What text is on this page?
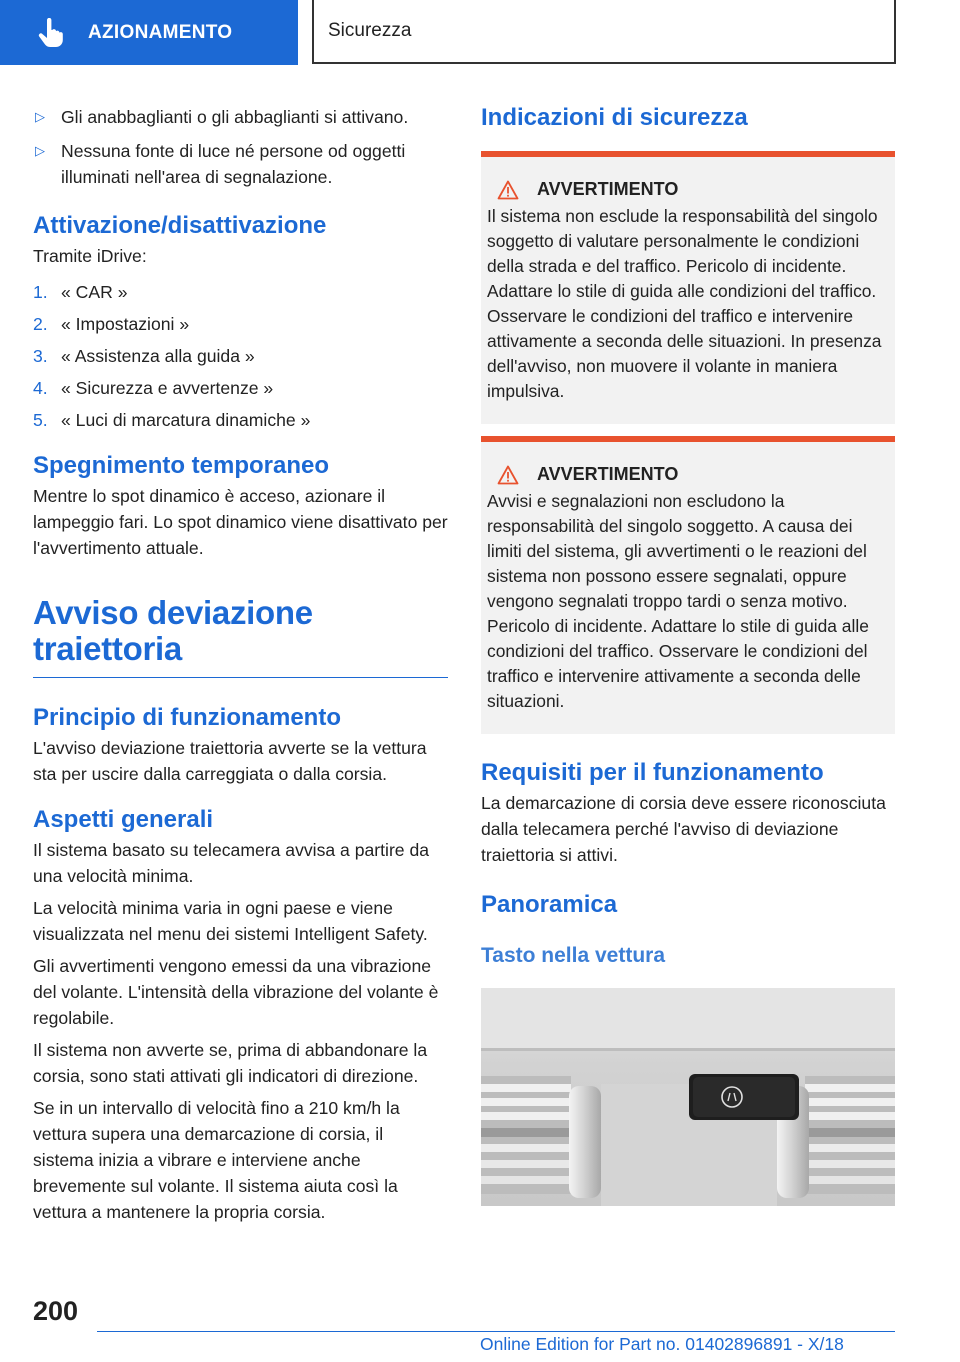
AZIONAMENTO	Sicurezza
▷ Gli anabbaglianti o gli abbaglianti si attivano.
▷ Nessuna fonte di luce né persone od oggetti illuminati nell'area di segnalazione.
Attivazione/disattivazione

Tramite iDrive:

1. « CAR »
2. « Impostazioni »
3. « Assistenza alla guida »
4. « Sicurezza e avvertenze »
5. « Luci di marcatura dinamiche »
Spegnimento temporaneo

Mentre lo spot dinamico è acceso, azionare il lampeggio fari. Lo spot dinamico viene disattivato per l'avvertimento attuale.

Avviso deviazione traiettoria
Principio di funzionamento

L'avviso deviazione traiettoria avverte se la vettura sta per uscire dalla carreggiata o dalla corsia.

Aspetti generali

Il sistema basato su telecamera avvisa a partire da una velocità minima.

La velocità minima varia in ogni paese e viene visualizzata nel menu dei sistemi Intelligent Safety.

Gli avvertimenti vengono emessi da una vibrazione del volante. L'intensità della vibrazione del volante è regolabile.

Il sistema non avverte se, prima di abbandonare la corsia, sono stati attivati gli indicatori di direzione.

Se in un intervallo di velocità fino a 210 km/h la vettura supera una demarcazione di corsia, il sistema inizia a vibrare e interviene anche brevemente sul volante. Il sistema aiuta così la vettura a mantenere la propria corsia.

Indicazioni di sicurezza
AVVERTIMENTO

Il sistema non esclude la responsabilità del singolo soggetto di valutare personalmente le condizioni della strada e del traffico. Pericolo di incidente. Adattare lo stile di guida alle condizioni del traffico. Osservare le condizioni del traffico e intervenire attivamente a seconda delle situazioni. In presenza dell'avviso, non muovere il volante in maniera impulsiva.

AVVERTIMENTO

Avvisi e segnalazioni non escludono la responsabilità del singolo soggetto. A causa dei limiti del sistema, gli avvertimenti o le reazioni del sistema non possono essere segnalati, oppure vengono segnalati troppo tardi o senza motivo. Pericolo di incidente. Adattare lo stile di guida alle condizioni del traffico. Osservare le condizioni del traffico e intervenire attivamente a seconda delle situazioni.

Requisiti per il funzionamento

La demarcazione di corsia deve essere riconosciuta dalla telecamera perché l'avviso di deviazione traiettoria si attivi.

Panoramica
Tasto nella vettura
200
Online Edition for Part no. 01402896891 - X/18
